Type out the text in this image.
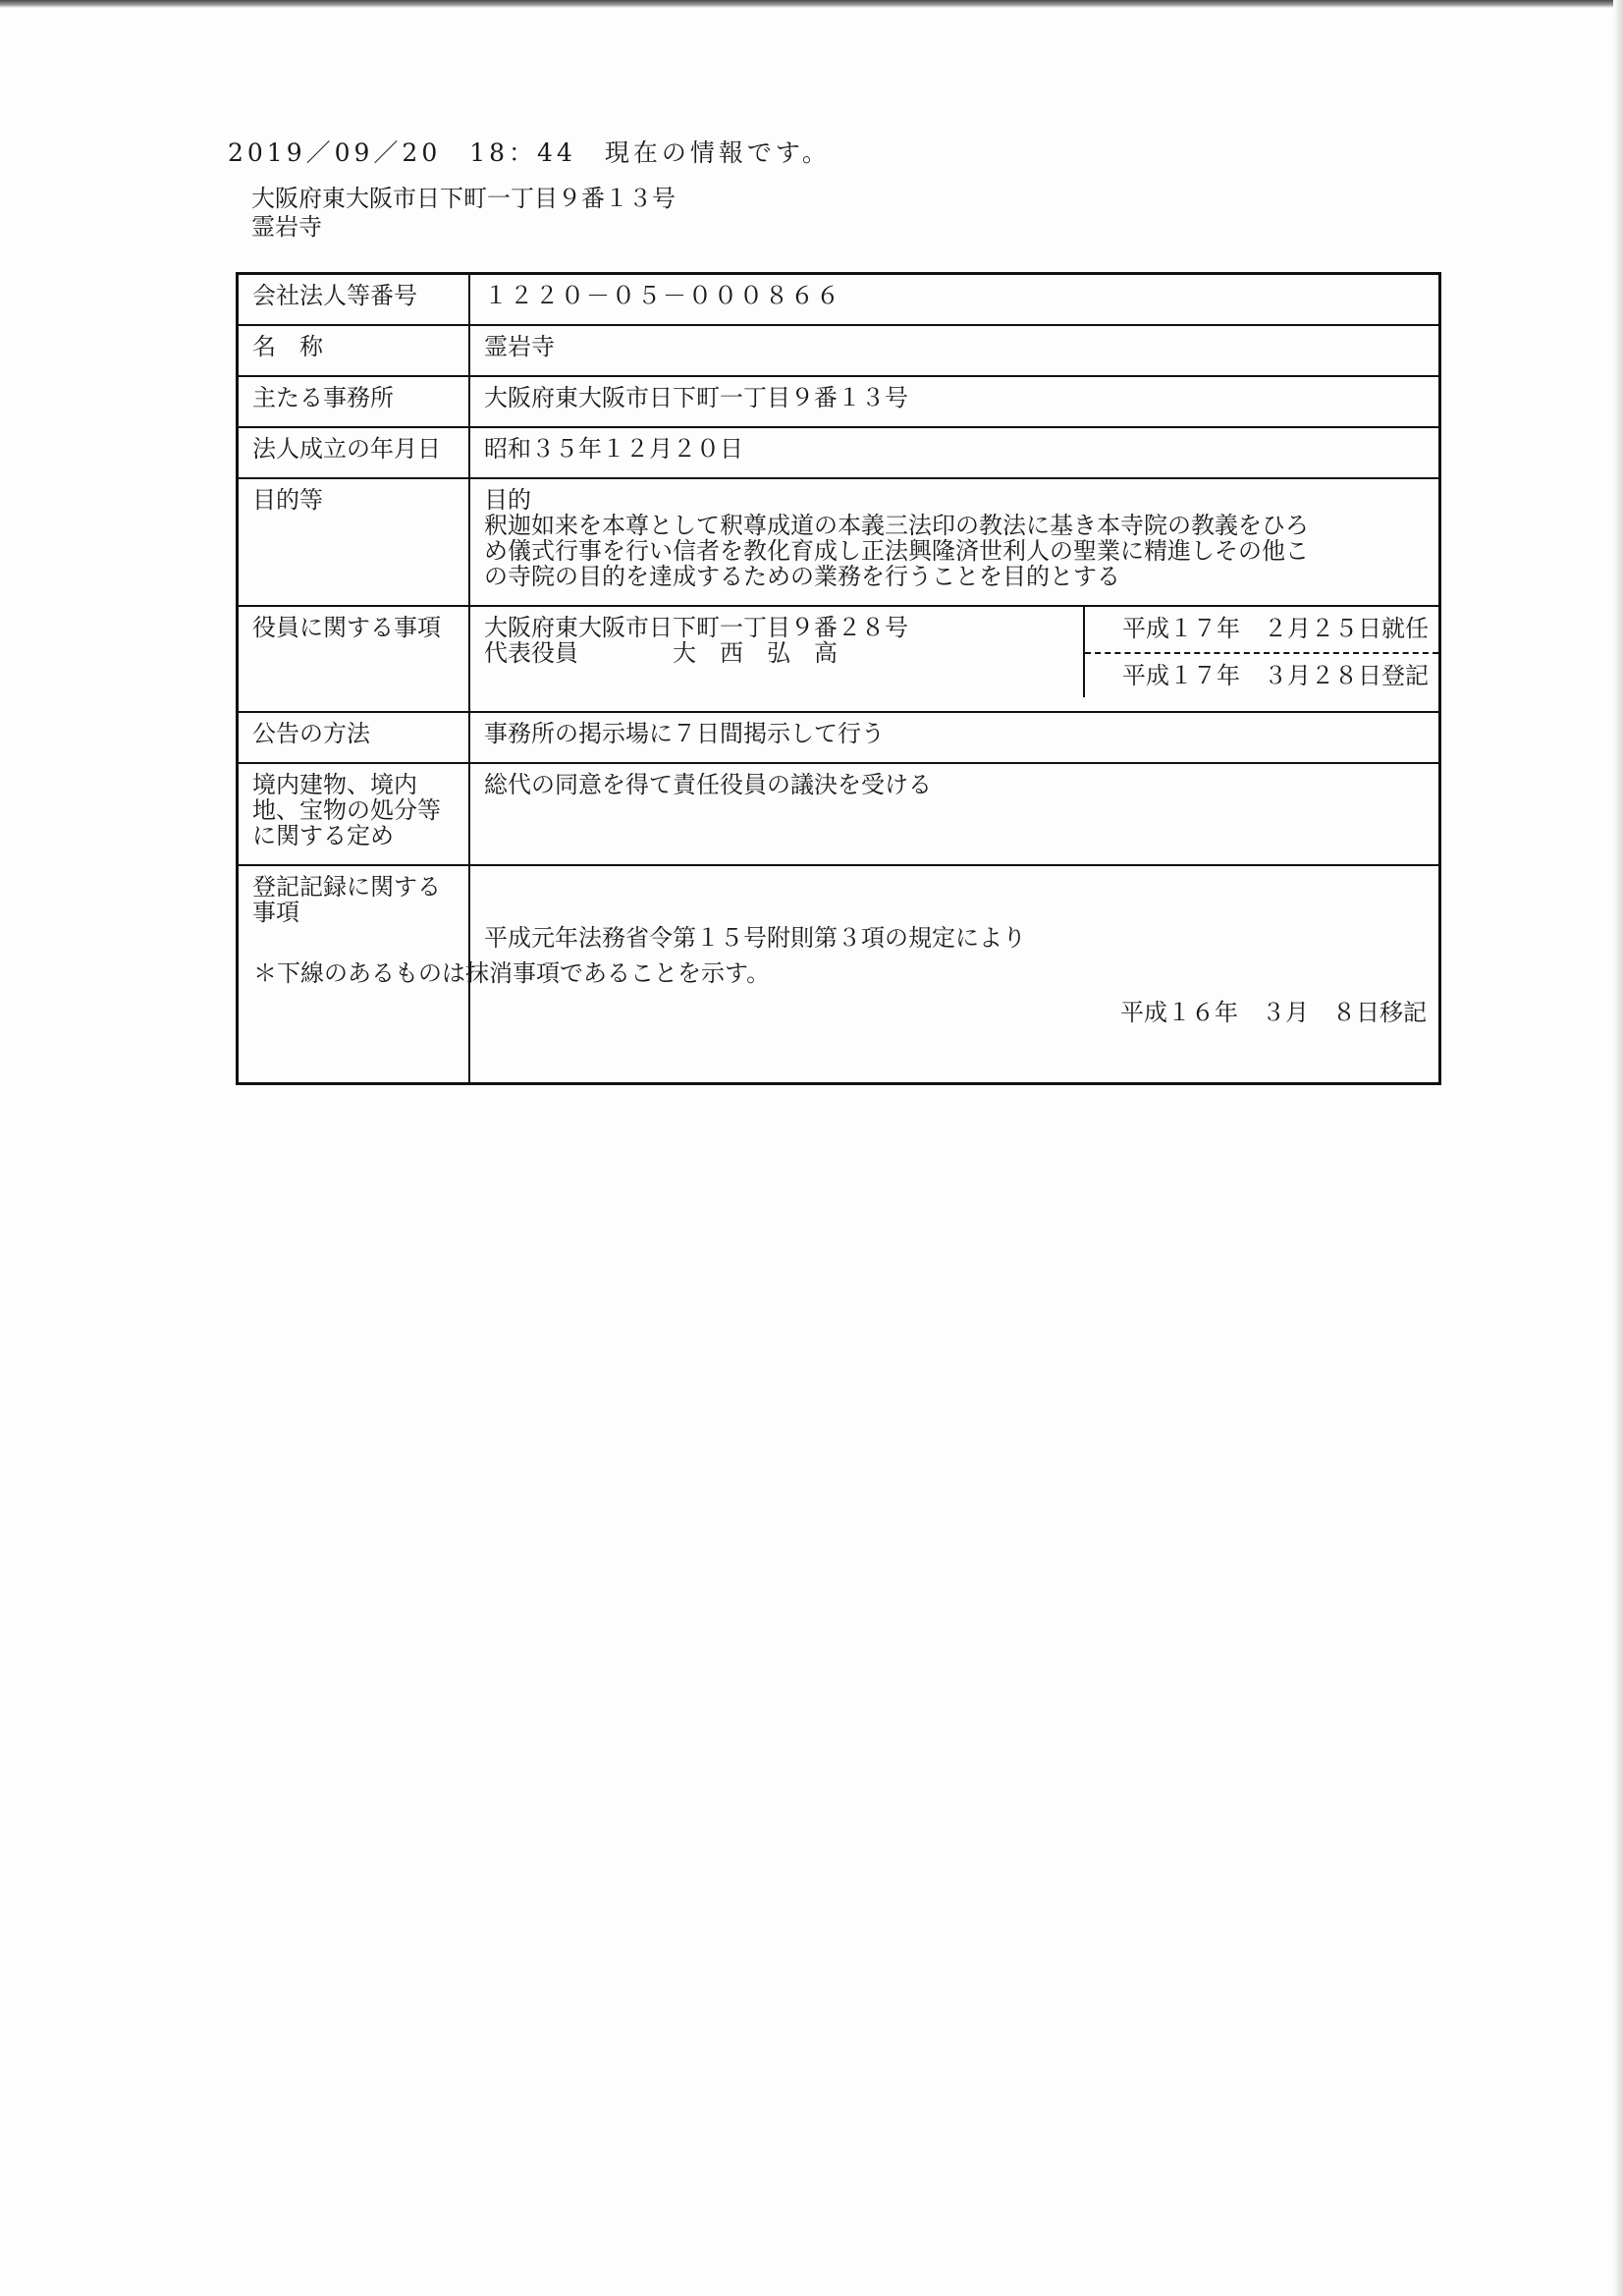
2019／09／20　18：44　現在の情報です。
大阪府東大阪市日下町一丁目９番１３号
霊岩寺
会社法人等番号	１２２０－０５－０００８６６
名　称	霊岩寺
主たる事務所	大阪府東大阪市日下町一丁目９番１３号
法人成立の年月日	昭和３５年１２月２０日
目的等	目的
釈迦如来を本尊として釈尊成道の本義三法印の教法に基き本寺院の教義をひろ
め儀式行事を行い信者を教化育成し正法興隆済世利人の聖業に精進しその他こ
の寺院の目的を達成するための業務を行うことを目的とする
役員に関する事項	大阪府東大阪市日下町一丁目９番２８号
代表役員　　　　大　西　弘　高
平成１７年　２月２５日就任
平成１７年　３月２８日登記

公告の方法	事務所の掲示場に７日間掲示して行う
境内建物、境内地、宝物の処分等に関する定め	総代の同意を得て責任役員の議決を受ける
登記記録に関する事項	平成元年法務省令第１５号附則第３項の規定により

平成１６年　３月　８日移記

＊下線のあるものは抹消事項であることを示す。
